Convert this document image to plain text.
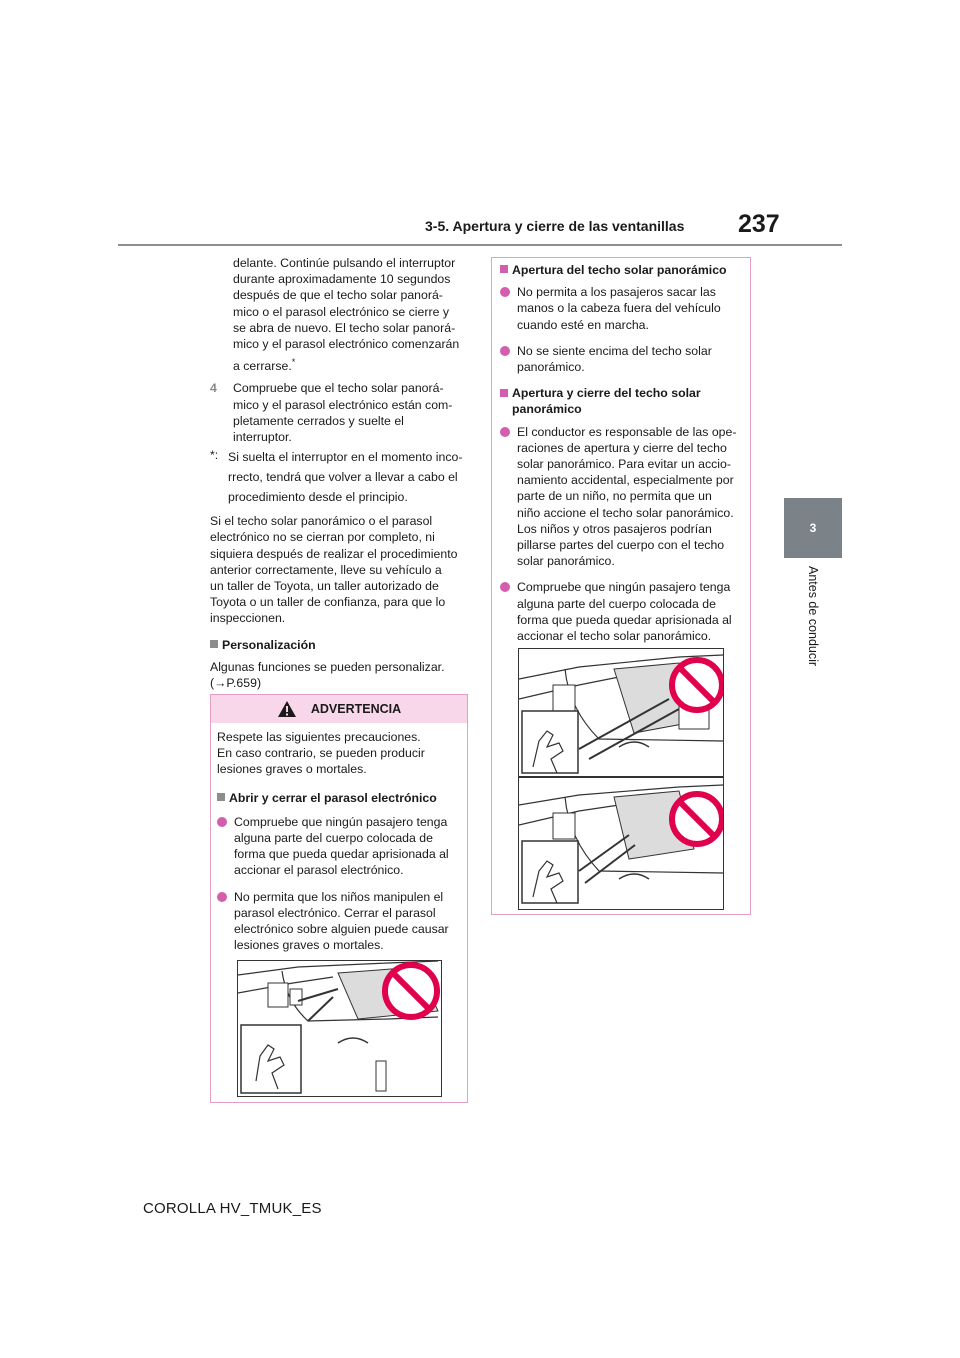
3-5. Apertura y cierre de las ventanillas 237
3
Antes de conducir

delante. Continúe pulsando el interruptor

durante aproximadamente 10 segundos

después de que el techo solar panorá-

mico o el parasol electrónico se cierre y

se abra de nuevo. El techo solar panorá-

mico y el parasol electrónico comenzarán

a cerrarse.*

4	Compruebe que el techo solar panorá-

mico y el parasol electrónico están com-

pletamente cerrados y suelte el

interruptor.

*: Si suelta el interruptor en el momento inco-

rrecto, tendrá que volver a llevar a cabo el

procedimiento desde el principio.

Si el techo solar panorámico o el parasol

electrónico no se cierran por completo, ni

siquiera después de realizar el procedimiento

anterior correctamente, lleve su vehículo a

un taller de Toyota, un taller autorizado de

Toyota o un taller de confianza, para que lo

inspeccionen.

Personalización

Algunas funciones se pueden personalizar.

(→P.659)

ADVERTENCIA

Respete las siguientes precauciones.

En caso contrario, se pueden producir

lesiones graves o mortales.

Abrir y cerrar el parasol electrónico

Compruebe que ningún pasajero tenga

alguna parte del cuerpo colocada de

forma que pueda quedar aprisionada al

accionar el parasol electrónico.

No permita que los niños manipulen el

parasol electrónico. Cerrar el parasol

electrónico sobre alguien puede causar

lesiones graves o mortales.

Apertura del techo solar panorámico

No permita a los pasajeros sacar las

manos o la cabeza fuera del vehículo

cuando esté en marcha.

No se siente encima del techo solar

panorámico.

Apertura y cierre del techo solar

panorámico

El conductor es responsable de las ope-

raciones de apertura y cierre del techo

solar panorámico. Para evitar un accio-

namiento accidental, especialmente por

parte de un niño, no permita que un

niño accione el techo solar panorámico.

Los niños y otros pasajeros podrían

pillarse partes del cuerpo con el techo

solar panorámico.

Compruebe que ningún pasajero tenga

alguna parte del cuerpo colocada de

forma que pueda quedar aprisionada al

accionar el techo solar panorámico.

COROLLA HV_TMUK_ES
